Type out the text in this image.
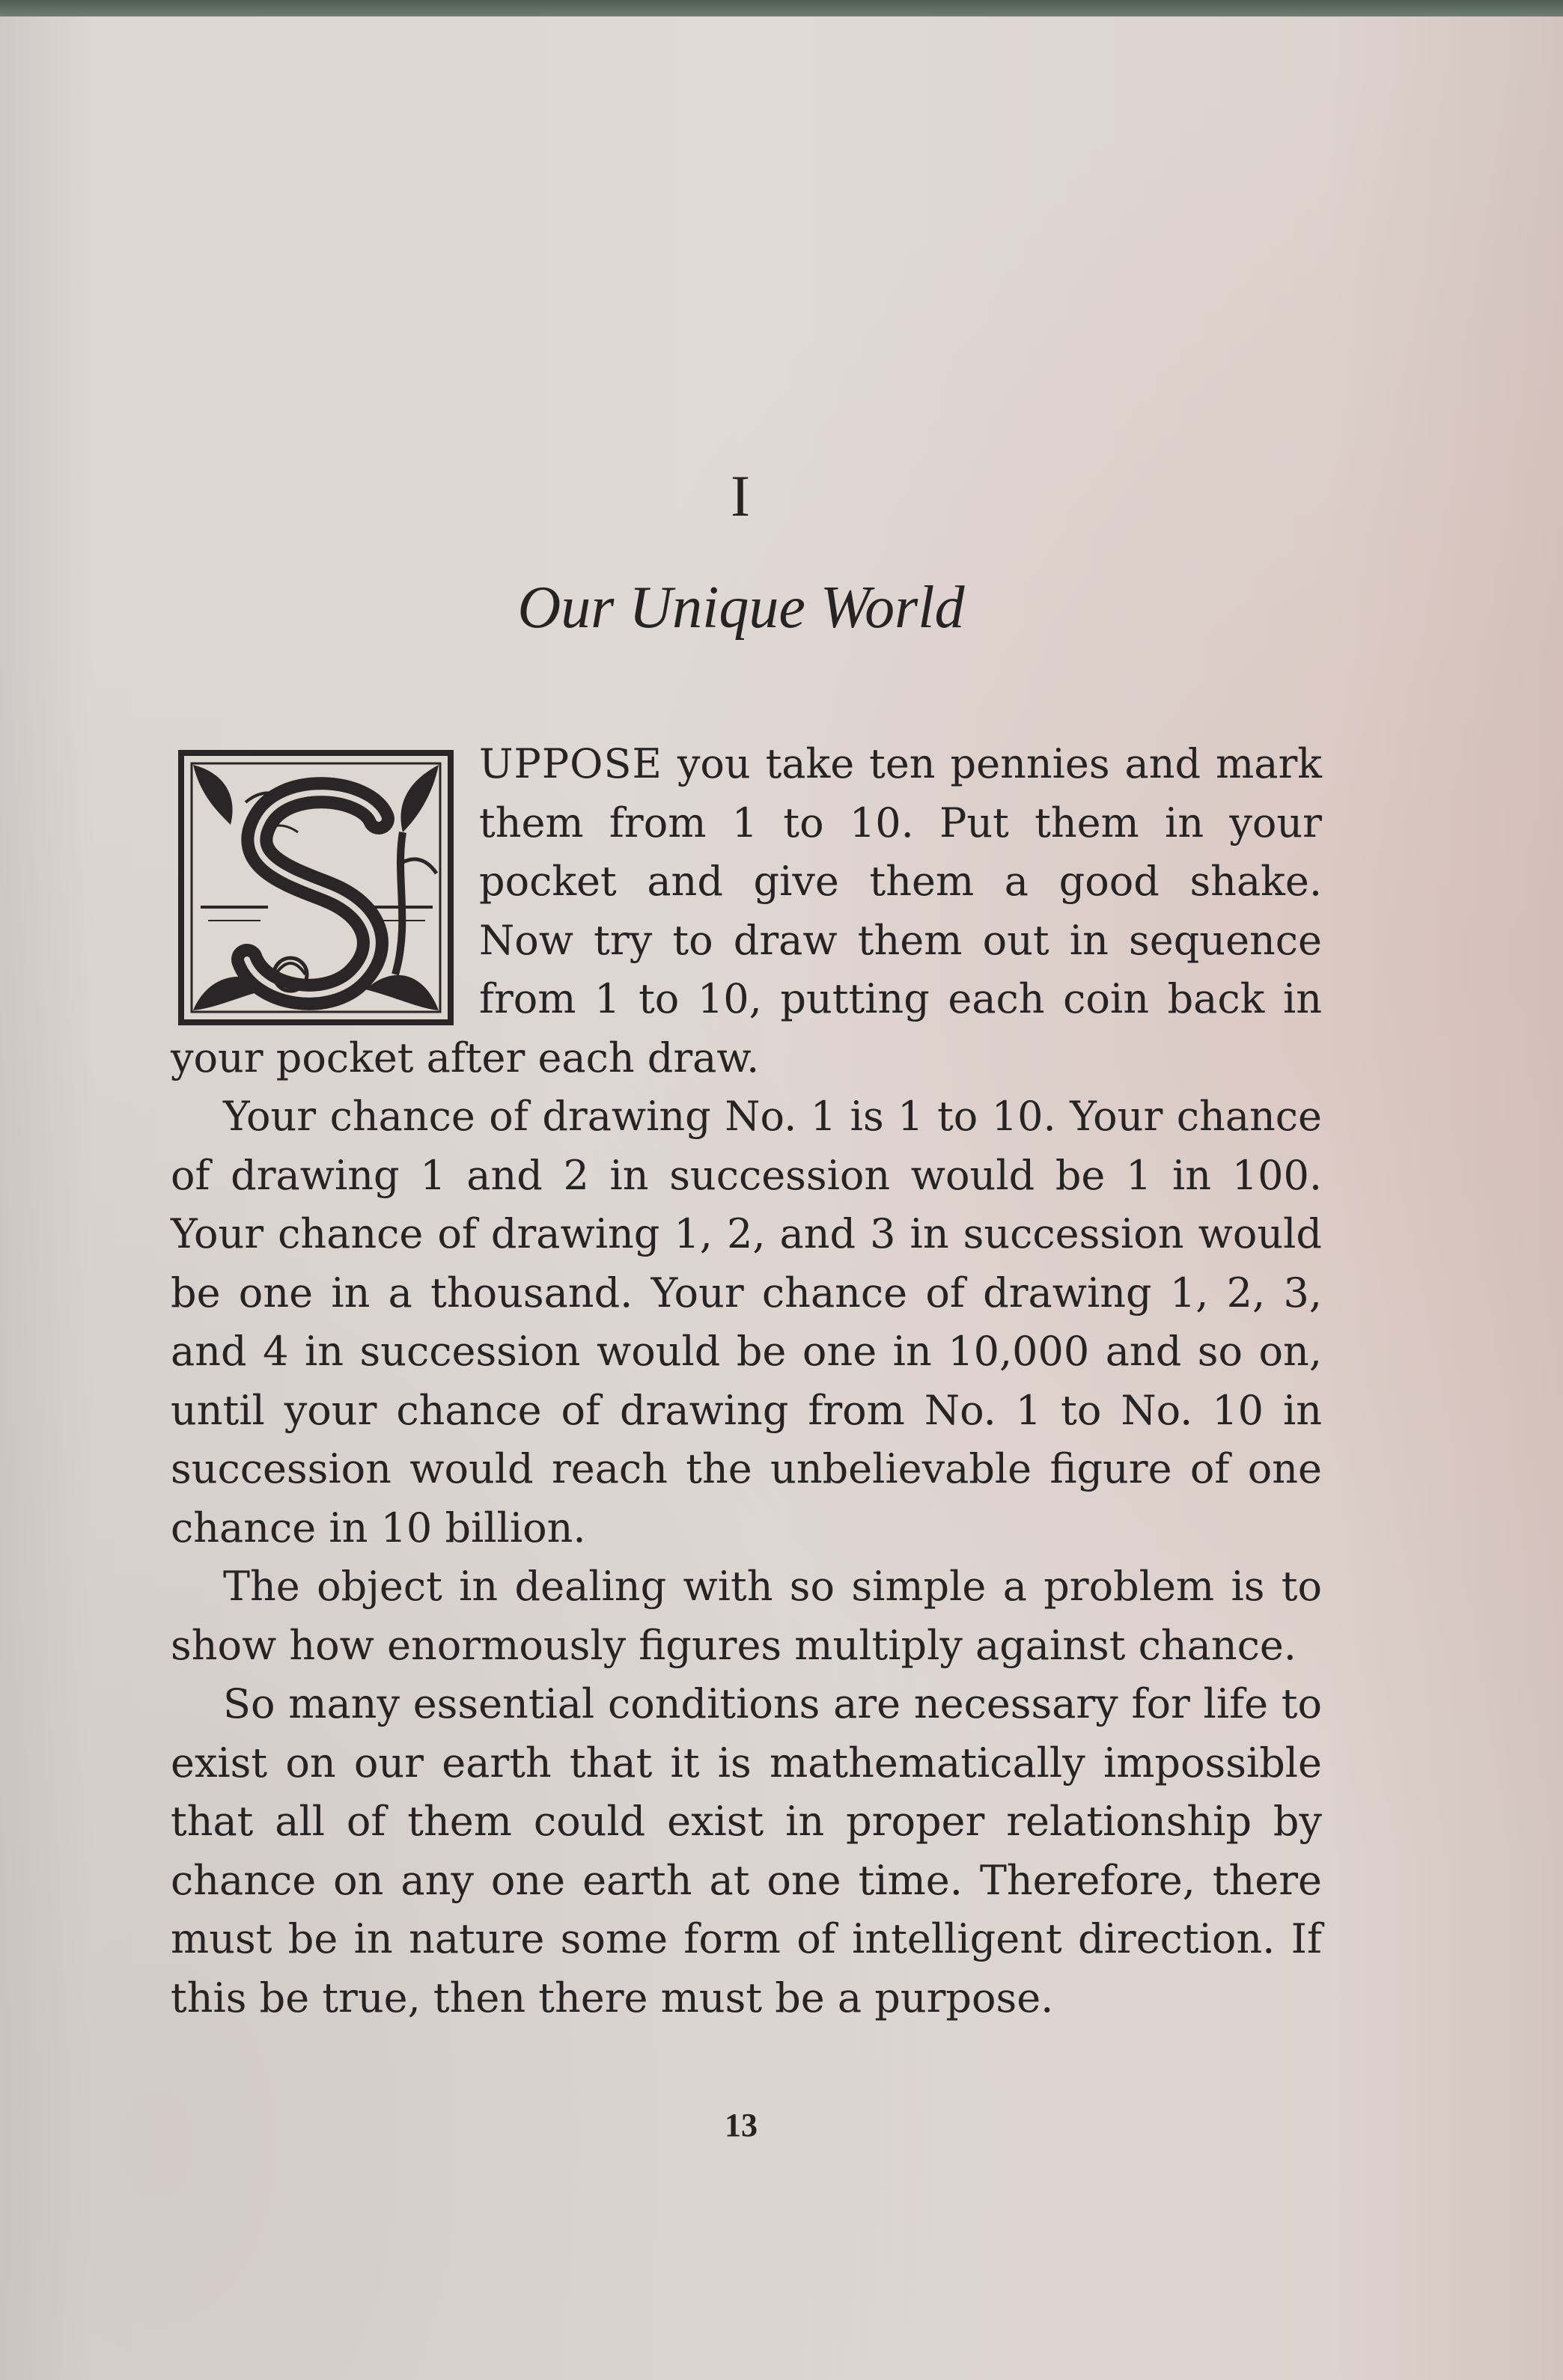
I
Our Unique World

UPPOSE you take ten pennies and mark them from 1 to 10. Put them in your pocket and give them a good shake. Now try to draw them out in sequence from 1 to 10, putting each coin back in your pocket after each draw.

Your chance of drawing No. 1 is 1 to 10. Your chance of drawing 1 and 2 in succession would be 1 in 100. Your chance of drawing 1, 2, and 3 in succession would be one in a thousand. Your chance of drawing 1, 2, 3, and 4 in succession would be one in 10,000 and so on, until your chance of drawing from No. 1 to No. 10 in succession would reach the unbelievable figure of one chance in 10 billion.

The object in dealing with so simple a problem is to show how enormously figures multiply against chance.

So many essential conditions are necessary for life to exist on our earth that it is mathematically impossible that all of them could exist in proper relationship by chance on any one earth at one time. Therefore, there must be in nature some form of intelligent direction. If this be true, then there must be a purpose.

13
